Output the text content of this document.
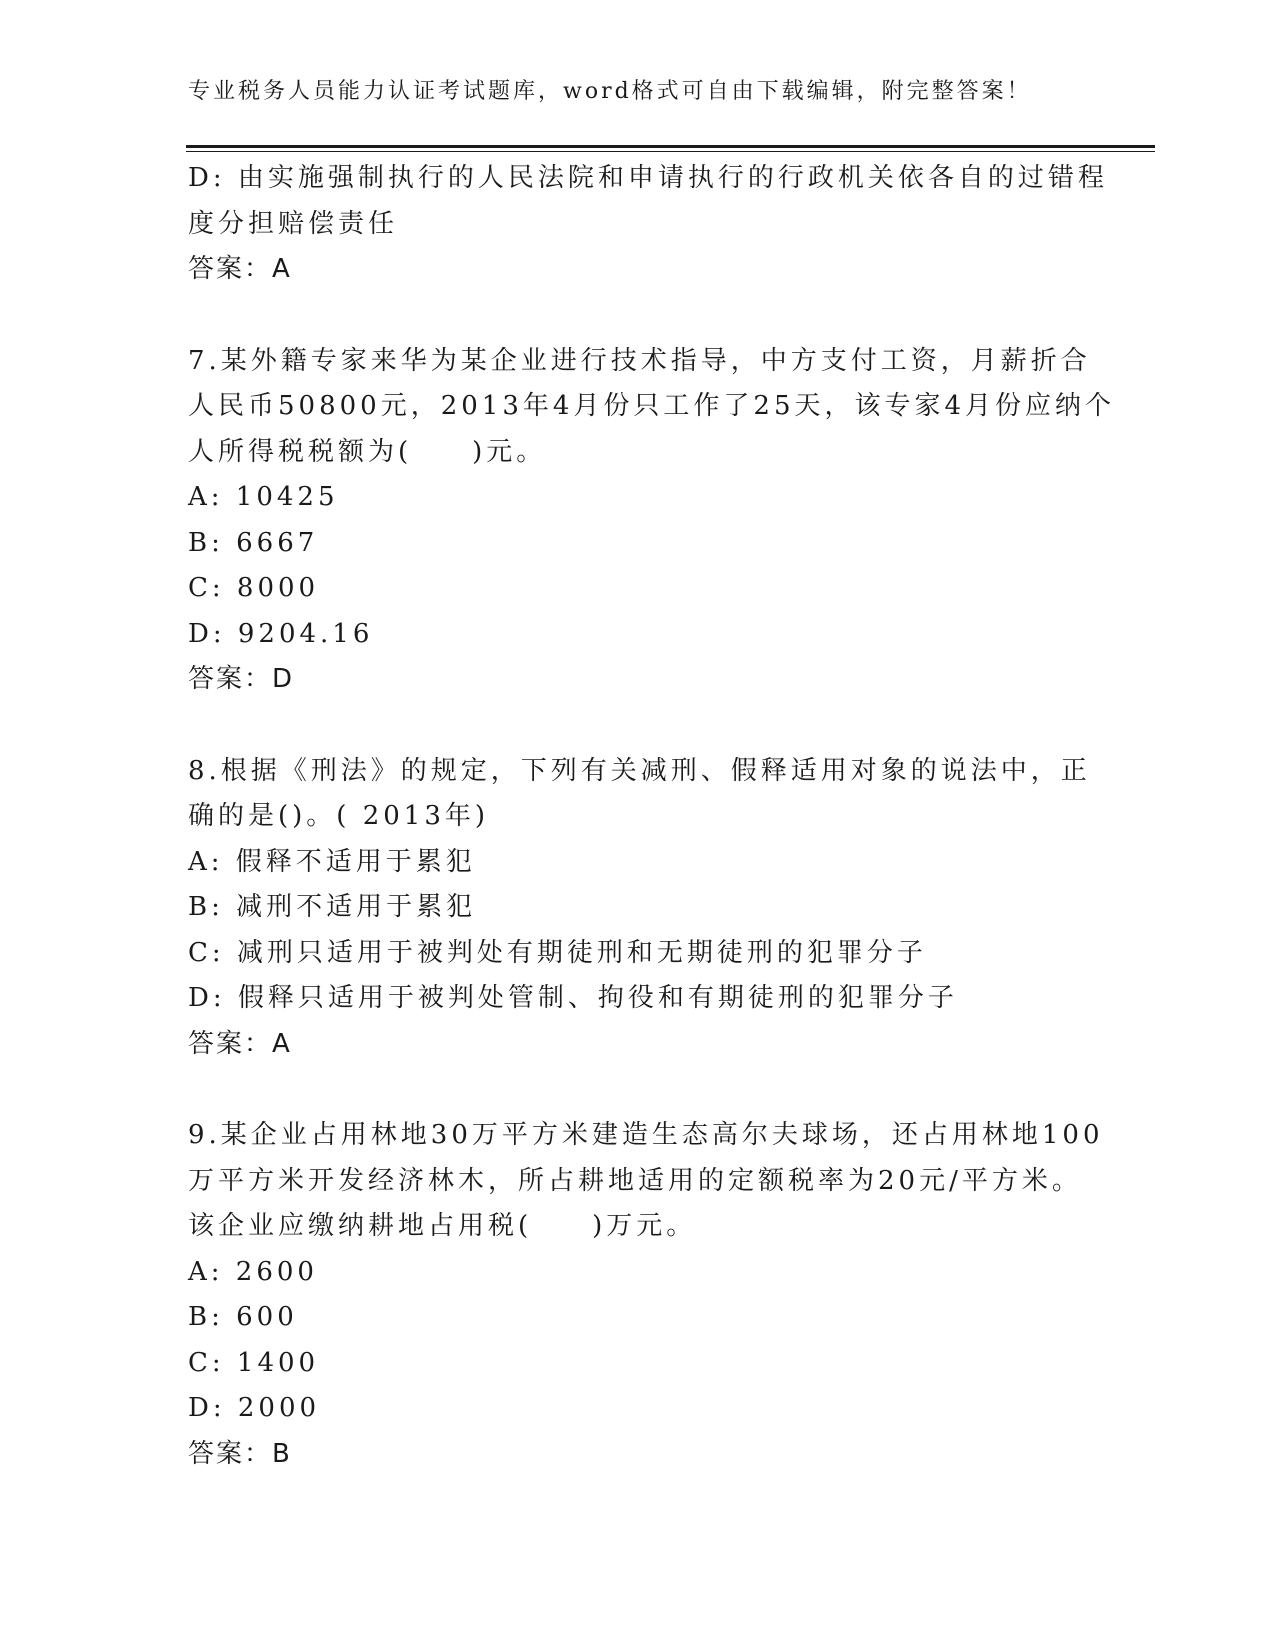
专业税务人员能力认证考试题库，word格式可自由下载编辑，附完整答案！
D: 由实施强制执行的人民法院和申请执行的行政机关依各自的过错程
度分担赔偿责任
答案：A
7.某外籍专家来华为某企业进行技术指导，中方支付工资，月薪折合
人民币50800元，2013年4月份只工作了25天，该专家4月份应纳个
人所得税税额为(　　)元。
A: 10425
B: 6667
C: 8000
D: 9204.16
答案：D
8.根据《刑法》的规定，下列有关减刑、假释适用对象的说法中，正
确的是()。( 2013年)
A: 假释不适用于累犯
B: 减刑不适用于累犯
C: 减刑只适用于被判处有期徒刑和无期徒刑的犯罪分子
D: 假释只适用于被判处管制、拘役和有期徒刑的犯罪分子
答案：A
9.某企业占用林地30万平方米建造生态高尔夫球场，还占用林地100
万平方米开发经济林木，所占耕地适用的定额税率为20元/平方米。
该企业应缴纳耕地占用税(　　)万元。
A: 2600
B: 600
C: 1400
D: 2000
答案：B
